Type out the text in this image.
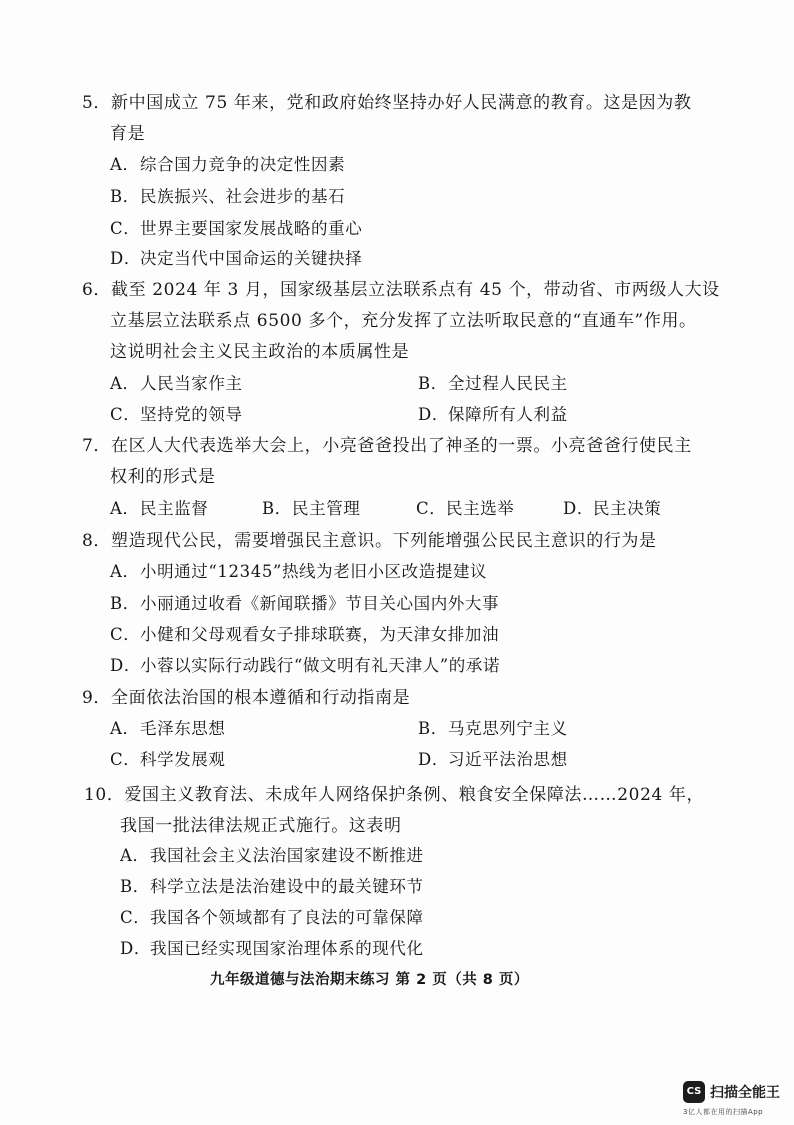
5．新中国成立 75 年来，党和政府始终坚持办好人民满意的教育。这是因为教
育是
A．综合国力竞争的决定性因素
B．民族振兴、社会进步的基石
C．世界主要国家发展战略的重心
D．决定当代中国命运的关键抉择
6．截至 2024 年 3 月，国家级基层立法联系点有 45 个，带动省、市两级人大设
立基层立法联系点 6500 多个，充分发挥了立法听取民意的“直通车”作用。
这说明社会主义民主政治的本质属性是
A．人民当家作主	B．全过程人民民主
C．坚持党的领导	D．保障所有人利益
7．在区人大代表选举大会上，小亮爸爸投出了神圣的一票。小亮爸爸行使民主
权利的形式是
A．民主监督	B．民主管理	C．民主选举	D．民主决策
8．塑造现代公民，需要增强民主意识。下列能增强公民民主意识的行为是
A．小明通过“12345”热线为老旧小区改造提建议
B．小丽通过收看《新闻联播》节目关心国内外大事
C．小健和父母观看女子排球联赛，为天津女排加油
D．小蓉以实际行动践行“做文明有礼天津人”的承诺
9．全面依法治国的根本遵循和行动指南是
A．毛泽东思想	B．马克思列宁主义
C．科学发展观	D．习近平法治思想
10．爱国主义教育法、未成年人网络保护条例、粮食安全保障法……2024 年，
我国一批法律法规正式施行。这表明
A．我国社会主义法治国家建设不断推进
B．科学立法是法治建设中的最关键环节
C．我国各个领域都有了良法的可靠保障
D．我国已经实现国家治理体系的现代化
九年级道德与法治期末练习 第 2 页（共 8 页）
CS 扫描全能王
3亿人都在用的扫描App
